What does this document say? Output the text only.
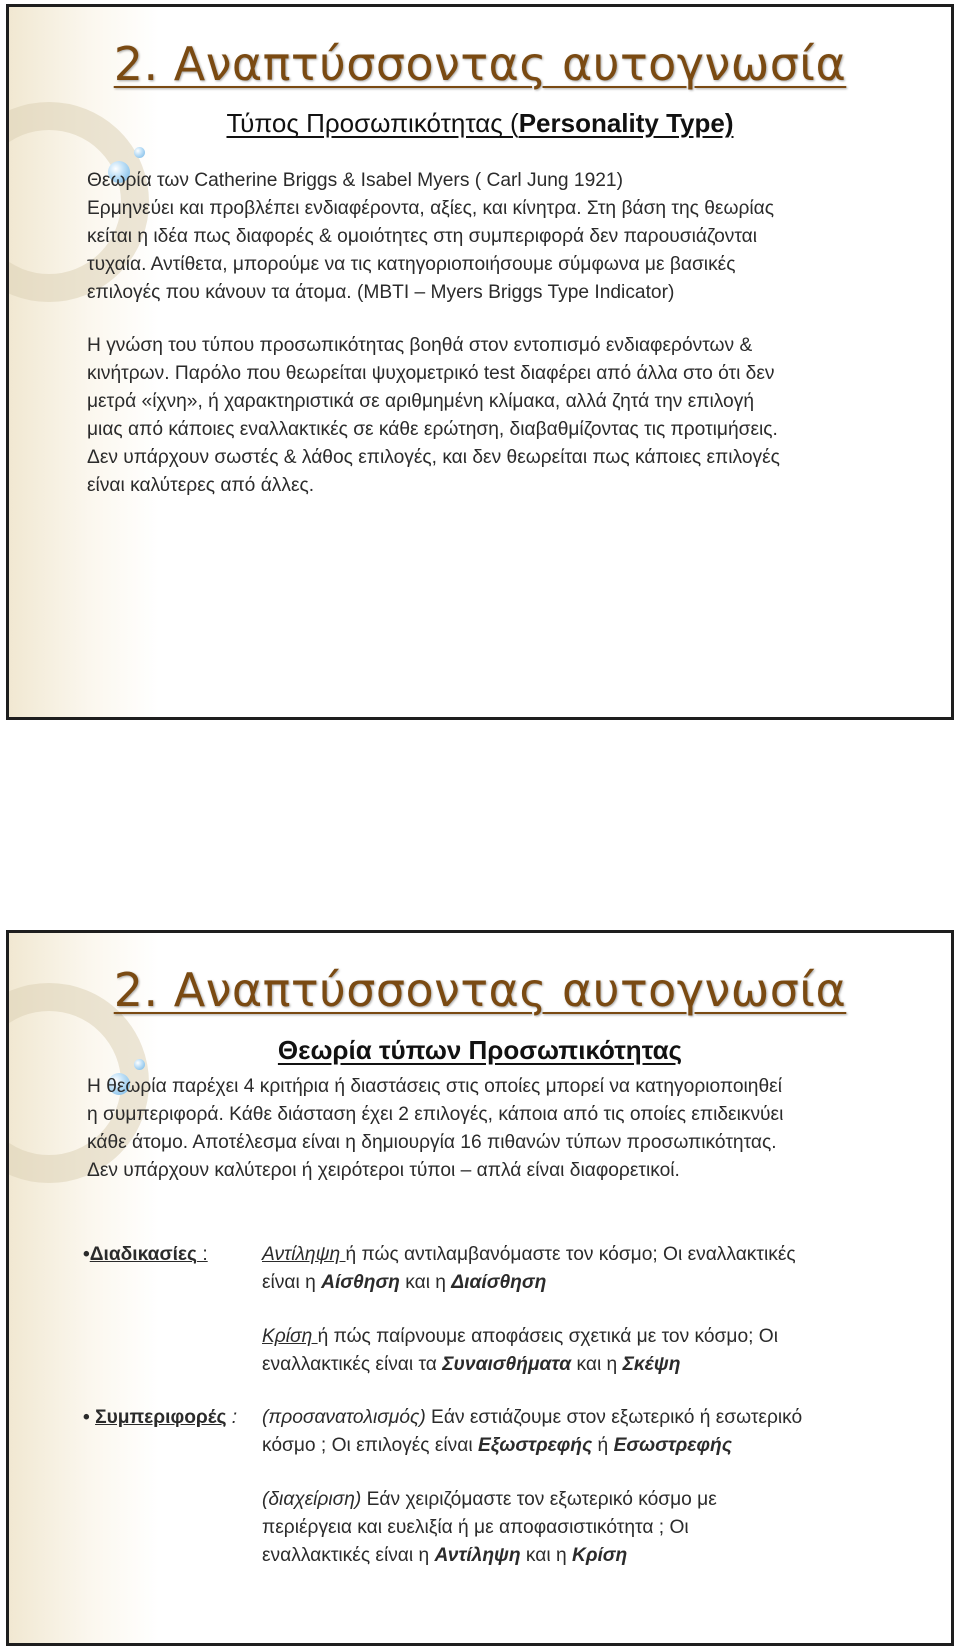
2. Αναπτύσσοντας αυτογνωσία
Τύπος Προσωπικότητας (Personality Type)

Θεωρία των Catherine Briggs & Isabel Myers ( Carl Jung 1921)

Ερμηνεύει και προβλέπει ενδιαφέροντα, αξίες, και κίνητρα. Στη βάση της θεωρίας

κείται η ιδέα πως διαφορές & ομοιότητες στη συμπεριφορά δεν παρουσιάζονται

τυχαία. Αντίθετα, μπορούμε να τις κατηγοριοποιήσουμε σύμφωνα με βασικές

επιλογές που κάνουν τα άτομα. (MBTI – Myers Briggs Type Indicator)

Η γνώση του τύπου προσωπικότητας βοηθά στον εντοπισμό ενδιαφερόντων &

κινήτρων. Παρόλο που θεωρείται ψυχομετρικό test διαφέρει από άλλα στο ότι δεν

μετρά «ίχνη», ή χαρακτηριστικά σε αριθμημένη κλίμακα, αλλά ζητά την επιλογή

μιας από κάποιες εναλλακτικές σε κάθε ερώτηση, διαβαθμίζοντας τις προτιμήσεις.

Δεν υπάρχουν σωστές & λάθος επιλογές, και δεν θεωρείται πως κάποιες επιλογές

είναι καλύτερες από άλλες.

2. Αναπτύσσοντας αυτογνωσία
Θεωρία τύπων Προσωπικότητας

Η θεωρία παρέχει 4 κριτήρια ή διαστάσεις στις οποίες μπορεί να κατηγοριοποιηθεί

η συμπεριφορά. Κάθε διάσταση έχει 2 επιλογές, κάποια από τις οποίες επιδεικνύει

κάθε άτομο. Αποτέλεσμα είναι η δημιουργία 16 πιθανών τύπων προσωπικότητας.

Δεν υπάρχουν καλύτεροι ή χειρότεροι τύποι – απλά είναι διαφορετικοί.

•Διαδικασίες :	Αντίληψη ή πώς αντιλαμβανόμαστε τον κόσμο; Οι εναλλακτικές

είναι η Αίσθηση και η Διαίσθηση

Κρίση ή πώς παίρνουμε αποφάσεις σχετικά με τον κόσμο; Οι

εναλλακτικές είναι τα Συναισθήματα και η Σκέψη

• Συμπεριφορές : (προσανατολισμός) Εάν εστιάζουμε στον εξωτερικό ή εσωτερικό

κόσμο ; Οι επιλογές είναι Εξωστρεφής ή Εσωστρεφής

(διαχείριση) Εάν χειριζόμαστε τον εξωτερικό κόσμο με

περιέργεια και ευελιξία ή με αποφασιστικότητα ; Οι

εναλλακτικές είναι η Αντίληψη και η Κρίση
